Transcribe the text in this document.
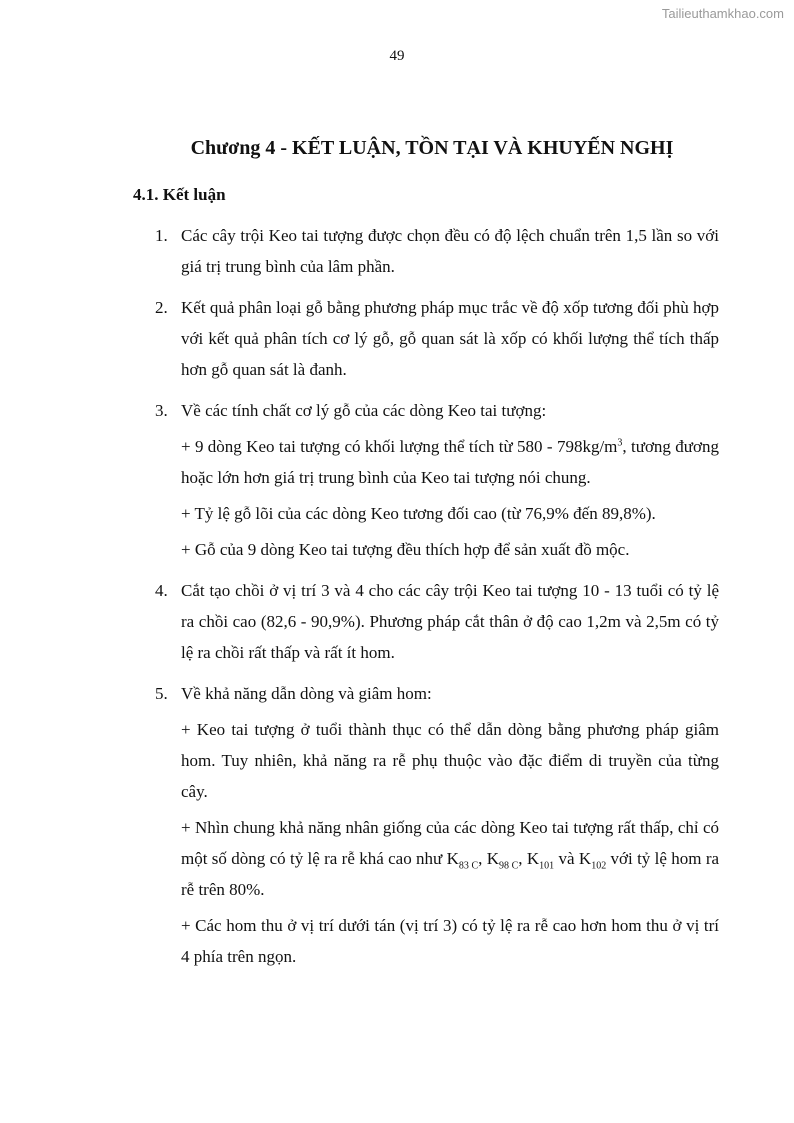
Tailieuthamkhao.com
49
Chương 4 - KẾT LUẬN, TỒN TẠI VÀ KHUYẾN NGHỊ
4.1. Kết luận
1. Các cây trội Keo tai tượng được chọn đều có độ lệch chuẩn trên 1,5 lần so với giá trị trung bình của lâm phần.
2. Kết quả phân loại gỗ bằng phương pháp mục trắc về độ xốp tương đối phù hợp với kết quả phân tích cơ lý gỗ, gỗ quan sát là xốp có khối lượng thể tích thấp hơn gỗ quan sát là đanh.
3. Về các tính chất cơ lý gỗ của các dòng Keo tai tượng:
+ 9 dòng Keo tai tượng có khối lượng thể tích từ $580 - 798kg/m^3$, tương đương hoặc lớn hơn giá trị trung bình của Keo tai tượng nói chung.
+ Tỷ lệ gỗ lõi của các dòng Keo tương đối cao (từ 76,9% đến 89,8%).
+ Gỗ của 9 dòng Keo tai tượng đều thích hợp để sản xuất đồ mộc.
4. Cắt tạo chồi ở vị trí 3 và 4 cho các cây trội Keo tai tượng 10 - 13 tuổi có tỷ lệ ra chồi cao (82,6 - 90,9%). Phương pháp cắt thân ở độ cao 1,2m và 2,5m có tỷ lệ ra chồi rất thấp và rất ít hom.
5. Về khả năng dẫn dòng và giâm hom:
+ Keo tai tượng ở tuổi thành thục có thể dẫn dòng bằng phương pháp giâm hom. Tuy nhiên, khả năng ra rễ phụ thuộc vào đặc điểm di truyền của từng cây.
+ Nhìn chung khả năng nhân giống của các dòng Keo tai tượng rất thấp, chỉ có một số dòng có tỷ lệ ra rễ khá cao như $K_{83 C}$, $K_{98 C}$, $K_{101}$ và $K_{102}$ với tỷ lệ hom ra rễ trên 80%.
+ Các hom thu ở vị trí dưới tán (vị trí 3) có tỷ lệ ra rễ cao hơn hom thu ở vị trí 4 phía trên ngọn.
